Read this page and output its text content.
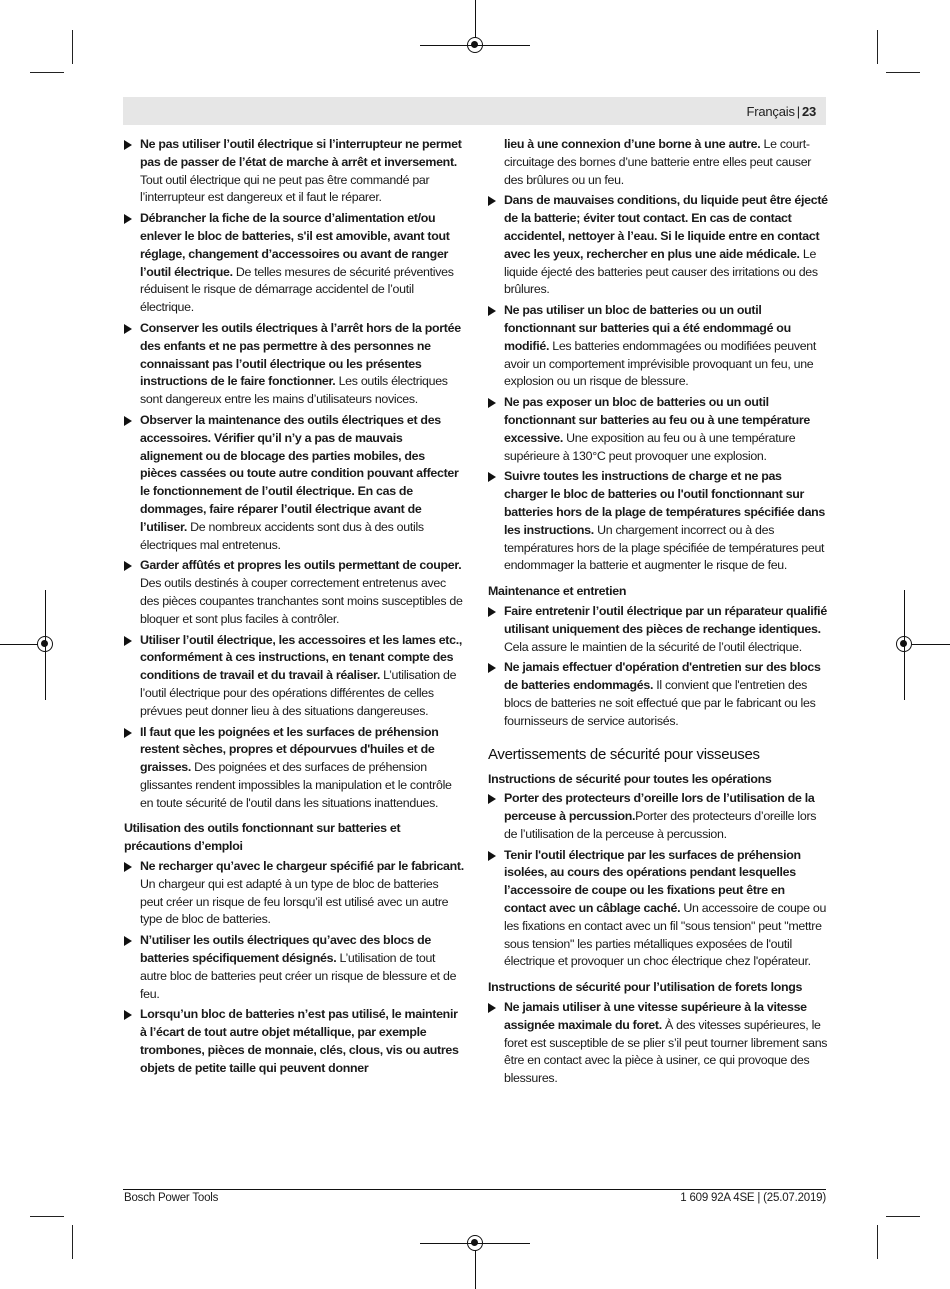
Français | 23
Ne pas utiliser l’outil électrique si l’interrupteur ne permet pas de passer de l’état de marche à arrêt et inversement. Tout outil électrique qui ne peut pas être commandé par l’interrupteur est dangereux et il faut le réparer.
Débrancher la fiche de la source d’alimentation et/ou enlever le bloc de batteries, s'il est amovible, avant tout réglage, changement d’accessoires ou avant de ranger l’outil électrique. De telles mesures de sécurité préventives réduisent le risque de démarrage accidentel de l’outil électrique.
Conserver les outils électriques à l’arrêt hors de la portée des enfants et ne pas permettre à des personnes ne connaissant pas l’outil électrique ou les présentes instructions de le faire fonctionner. Les outils électriques sont dangereux entre les mains d’utilisateurs novices.
Observer la maintenance des outils électriques et des accessoires. Vérifier qu’il n’y a pas de mauvais alignement ou de blocage des parties mobiles, des pièces cassées ou toute autre condition pouvant affecter le fonctionnement de l’outil électrique. En cas de dommages, faire réparer l’outil électrique avant de l’utiliser. De nombreux accidents sont dus à des outils électriques mal entretenus.
Garder affûtés et propres les outils permettant de couper. Des outils destinés à couper correctement entretenus avec des pièces coupantes tranchantes sont moins susceptibles de bloquer et sont plus faciles à contrôler.
Utiliser l’outil électrique, les accessoires et les lames etc., conformément à ces instructions, en tenant compte des conditions de travail et du travail à réaliser. L’utilisation de l’outil électrique pour des opérations différentes de celles prévues peut donner lieu à des situations dangereuses.
Il faut que les poignées et les surfaces de préhension restent sèches, propres et dépourvues d'huiles et de graisses. Des poignées et des surfaces de préhension glissantes rendent impossibles la manipulation et le contrôle en toute sécurité de l'outil dans les situations inattendues.
Utilisation des outils fonctionnant sur batteries et précautions d’emploi
Ne recharger qu’avec le chargeur spécifié par le fabricant. Un chargeur qui est adapté à un type de bloc de batteries peut créer un risque de feu lorsqu’il est utilisé avec un autre type de bloc de batteries.
N’utiliser les outils électriques qu’avec des blocs de batteries spécifiquement désignés. L’utilisation de tout autre bloc de batteries peut créer un risque de blessure et de feu.
Lorsqu’un bloc de batteries n’est pas utilisé, le maintenir à l’écart de tout autre objet métallique, par exemple trombones, pièces de monnaie, clés, clous, vis ou autres objets de petite taille qui peuvent donner
lieu à une connexion d’une borne à une autre. Le court-circuitage des bornes d’une batterie entre elles peut causer des brûlures ou un feu.
Dans de mauvaises conditions, du liquide peut être éjecté de la batterie; éviter tout contact. En cas de contact accidentel, nettoyer à l’eau. Si le liquide entre en contact avec les yeux, rechercher en plus une aide médicale. Le liquide éjecté des batteries peut causer des irritations ou des brûlures.
Ne pas utiliser un bloc de batteries ou un outil fonctionnant sur batteries qui a été endommagé ou modifié. Les batteries endommagées ou modifiées peuvent avoir un comportement imprévisible provoquant un feu, une explosion ou un risque de blessure.
Ne pas exposer un bloc de batteries ou un outil fonctionnant sur batteries au feu ou à une température excessive. Une exposition au feu ou à une température supérieure à 130°C peut provoquer une explosion.
Suivre toutes les instructions de charge et ne pas charger le bloc de batteries ou l'outil fonctionnant sur batteries hors de la plage de températures spécifiée dans les instructions. Un chargement incorrect ou à des températures hors de la plage spécifiée de températures peut endommager la batterie et augmenter le risque de feu.
Maintenance et entretien
Faire entretenir l’outil électrique par un réparateur qualifié utilisant uniquement des pièces de rechange identiques. Cela assure le maintien de la sécurité de l’outil électrique.
Ne jamais effectuer d'opération d'entretien sur des blocs de batteries endommagés. Il convient que l'entretien des blocs de batteries ne soit effectué que par le fabricant ou les fournisseurs de service autorisés.
Avertissements de sécurité pour visseuses
Instructions de sécurité pour toutes les opérations
Porter des protecteurs d’oreille lors de l’utilisation de la perceuse à percussion.Porter des protecteurs d’oreille lors de l’utilisation de la perceuse à percussion.
Tenir l'outil électrique par les surfaces de préhension isolées, au cours des opérations pendant lesquelles l’accessoire de coupe ou les fixations peut être en contact avec un câblage caché. Un accessoire de coupe ou les fixations en contact avec un fil "sous tension" peut "mettre sous tension" les parties métalliques exposées de l'outil électrique et provoquer un choc électrique chez l'opérateur.
Instructions de sécurité pour l’utilisation de forets longs
Ne jamais utiliser à une vitesse supérieure à la vitesse assignée maximale du foret. À des vitesses supérieures, le foret est susceptible de se plier s’il peut tourner librement sans être en contact avec la pièce à usiner, ce qui provoque des blessures.
Bosch Power Tools	1 609 92A 4SE | (25.07.2019)
